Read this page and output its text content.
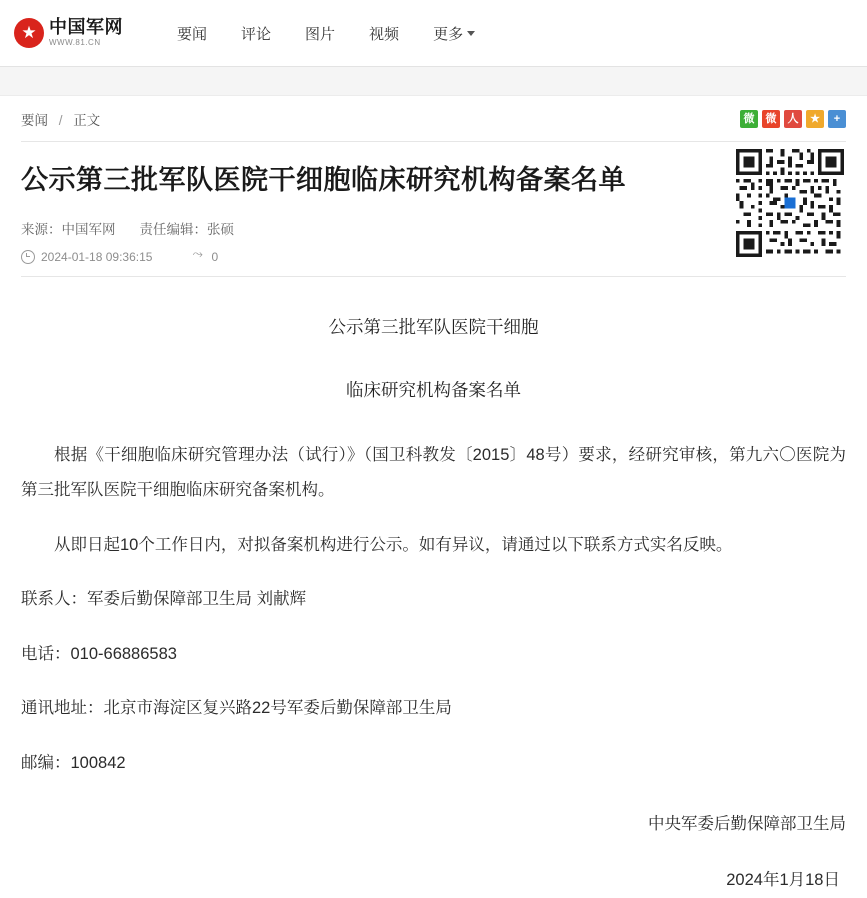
★ 中国军网
WWW.81.CN
要闻	评论	图片	视频	更多
要闻 / 正文	微	微	人	★	+
公示第三批军队医院干细胞临床研究机构备案名单
来源：中国军网 责任编辑：张硕
2024-01-18 09:36:15 ⤳	0
公示第三批军队医院干细胞
临床研究机构备案名单

根据《干细胞临床研究管理办法（试行）》（国卫科教发〔2015〕48号）要求，经研究审核，第九六〇医院为第三批军队医院干细胞临床研究备案机构。

从即日起10个工作日内，对拟备案机构进行公示。如有异议，请通过以下联系方式实名反映。

联系人：军委后勤保障部卫生局 刘献辉

电话：010-66886583

通讯地址：北京市海淀区复兴路22号军委后勤保障部卫生局

邮编：100842

中央军委后勤保障部卫生局

2024年1月18日
